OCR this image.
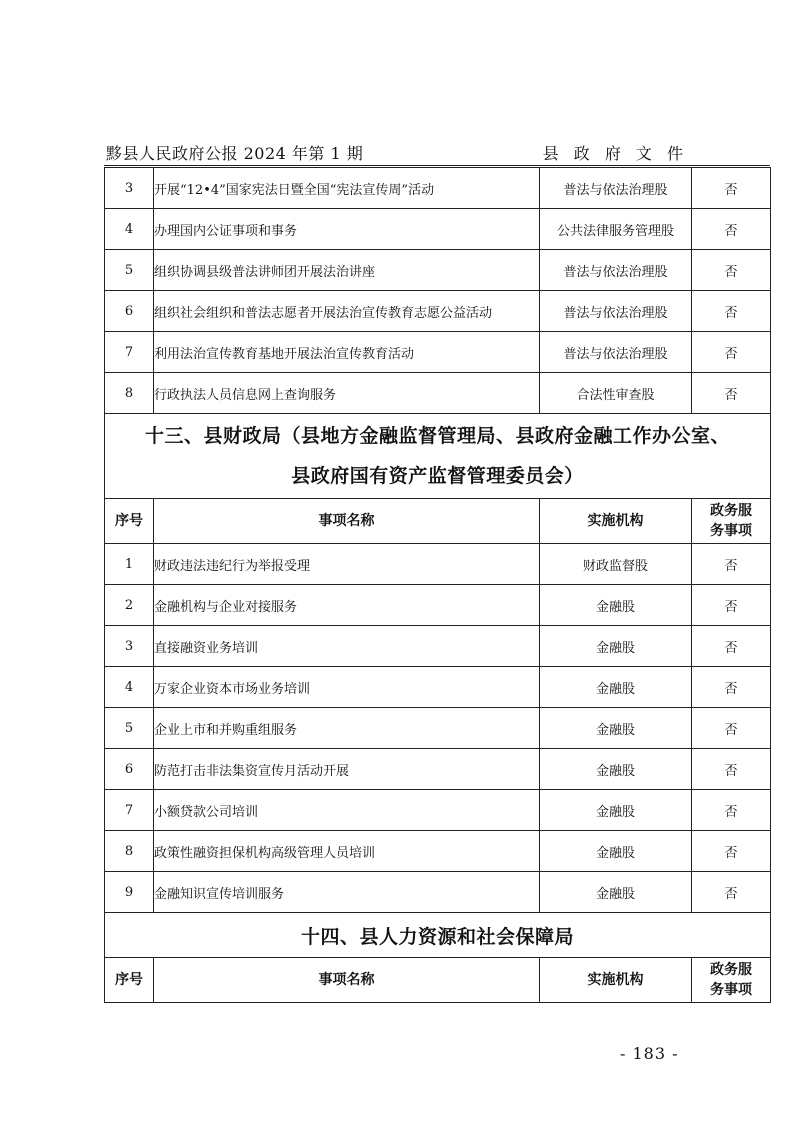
黟县人民政府公报 2024 年第 1 期	县 政 府 文 件
3	开展“12•4”国家宪法日暨全国“宪法宣传周”活动	普法与依法治理股	否
4	办理国内公证事项和事务	公共法律服务管理股	否
5	组织协调县级普法讲师团开展法治讲座	普法与依法治理股	否
6	组织社会组织和普法志愿者开展法治宣传教育志愿公益活动	普法与依法治理股	否
7	利用法治宣传教育基地开展法治宣传教育活动	普法与依法治理股	否
8	行政执法人员信息网上查询服务	合法性审查股	否

十三、县财政局（县地方金融监督管理局、县政府金融工作办公室、
县政府国有资产监督管理委员会）			

序号	事项名称	实施机构	政务服
务事项

1	财政违法违纪行为举报受理	财政监督股	否
2	金融机构与企业对接服务	金融股	否
3	直接融资业务培训	金融股	否
4	万家企业资本市场业务培训	金融股	否
5	企业上市和并购重组服务	金融股	否
6	防范打击非法集资宣传月活动开展	金融股	否
7	小额贷款公司培训	金融股	否
8	政策性融资担保机构高级管理人员培训	金融股	否
9	金融知识宣传培训服务	金融股	否
十四、县人力资源和社会保障局			
序号	事项名称	实施机构	政务服
务事项
- 183 -
